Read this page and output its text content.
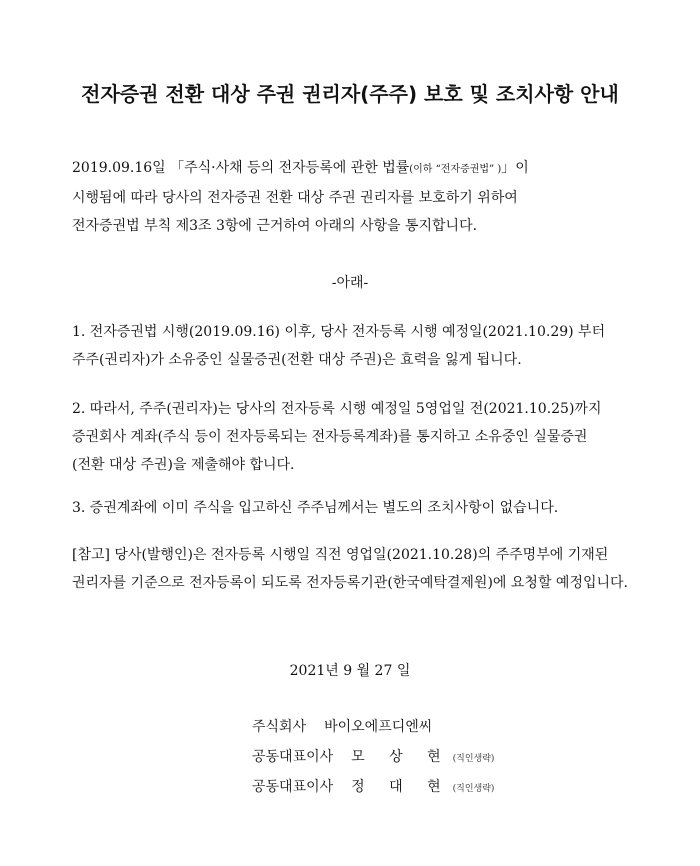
전자증권 전환 대상 주권 권리자(주주) 보호 및 조치사항 안내
2019.09.16일 「주식·사채 등의 전자등록에 관한 법률(이하 “전자증권법” )」이
시행됨에 따라 당사의 전자증권 전환 대상 주권 권리자를 보호하기 위하여
전자증권법 부칙 제3조 3항에 근거하여 아래의 사항을 통지합니다.
-아래-
1. 전자증권법 시행(2019.09.16) 이후, 당사 전자등록 시행 예정일(2021.10.29) 부터
주주(권리자)가 소유중인 실물증권(전환 대상 주권)은 효력을 잃게 됩니다.
2. 따라서, 주주(권리자)는 당사의 전자등록 시행 예정일 5영업일 전(2021.10.25)까지
증권회사 계좌(주식 등이 전자등록되는 전자등록계좌)를 통지하고 소유중인 실물증권
(전환 대상 주권)을 제출해야 합니다.
3. 증권계좌에 이미 주식을 입고하신 주주님께서는 별도의 조치사항이 없습니다.
[참고] 당사(발행인)은 전자등록 시행일 직전 영업일(2021.10.28)의 주주명부에 기재된
권리자를 기준으로 전자등록이 되도록 전자등록기관(한국예탁결제원)에 요청할 예정입니다.
2021년 9 월 27 일
주식회사 바이오에프디엔씨
공동대표이사 모 상 현 (직인생략)
공동대표이사 정 대 현 (직인생략)
